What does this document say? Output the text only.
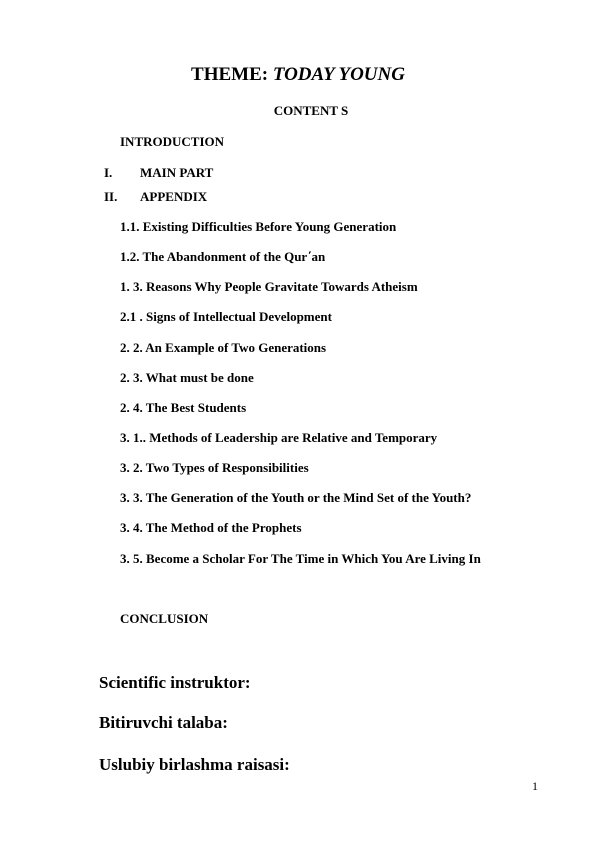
THEME: TODAY YOUNG
CONTENT S
INTRODUCTION
I. MAIN PART
II. APPENDIX
1.1. Existing Difficulties Before Young Generation
1.2. The Abandonment of the Qur΄an
1. 3. Reasons Why People Gravitate Towards Atheism
2.1 . Signs of Intellectual Development
2. 2. An Example of Two Generations
2. 3. What must be done
2. 4. The Best Students
3. 1.. Methods of Leadership are Relative and Temporary
3. 2. Two Types of Responsibilities
3. 3. The Generation of the Youth or the Mind Set of the Youth?
3. 4. The Method of the Prophets
3. 5. Become a Scholar For The Time in Which You Are Living In
CONCLUSION
Scientific instruktor:
Bitiruvchi talaba:
Uslubiy birlashma raisasi:
1
